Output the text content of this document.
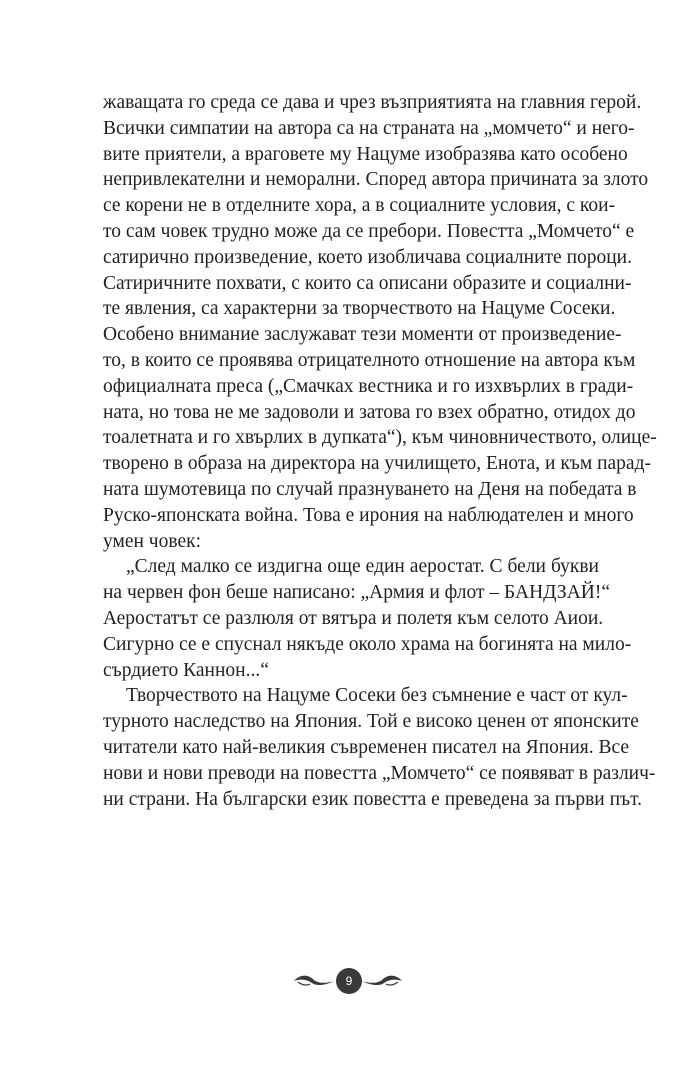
жаващата го среда се дава и чрез възприятията на главния герой.
Всички симпатии на автора са на страната на „момчето“ и него-
вите приятели, а враговете му Нацуме изобразява като особено
непривлекателни и неморални. Според автора причината за злото
се корени не в отделните хора, а в социалните условия, с кои-
то сам човек трудно може да се пребори. Повестта „Момчето“ е
сатирично произведение, което изобличава социалните пороци.
Сатиричните похвати, с които са описани образите и социални-
те явления, са характерни за творчеството на Нацуме Сосеки.
Особено внимание заслужават тези моменти от произведение-
то, в които се проявява отрицателното отношение на автора към
официалната преса („Смачках вестника и го изхвърлих в гради-
ната, но това не ме задоволи и затова го взех обратно, отидох до
тоалетната и го хвърлих в дупката“), към чиновничеството, олице-
творено в образа на директора на училището, Енота, и към парад-
ната шумотевица по случай празнуването на Деня на победата в
Руско-японската война. Това е ирония на наблюдателен и много
умен човек:
„След малко се издигна още един аеростат. С бели букви
на червен фон беше написано: „Армия и флот – БАНДЗАЙ!“
Аеростатът се разлюля от вятъра и полетя към селото Аиои.
Сигурно се е спуснал някъде около храма на богинята на мило-
сърдието Каннон...“
Творчеството на Нацуме Сосеки без съмнение е част от кул-
турното наследство на Япония. Той е високо ценен от японските
читатели като най-великия съвременен писател на Япония. Все
нови и нови преводи на повестта „Момчето“ се появяват в различ-
ни страни. На български език повестта е преведена за първи път.
9
